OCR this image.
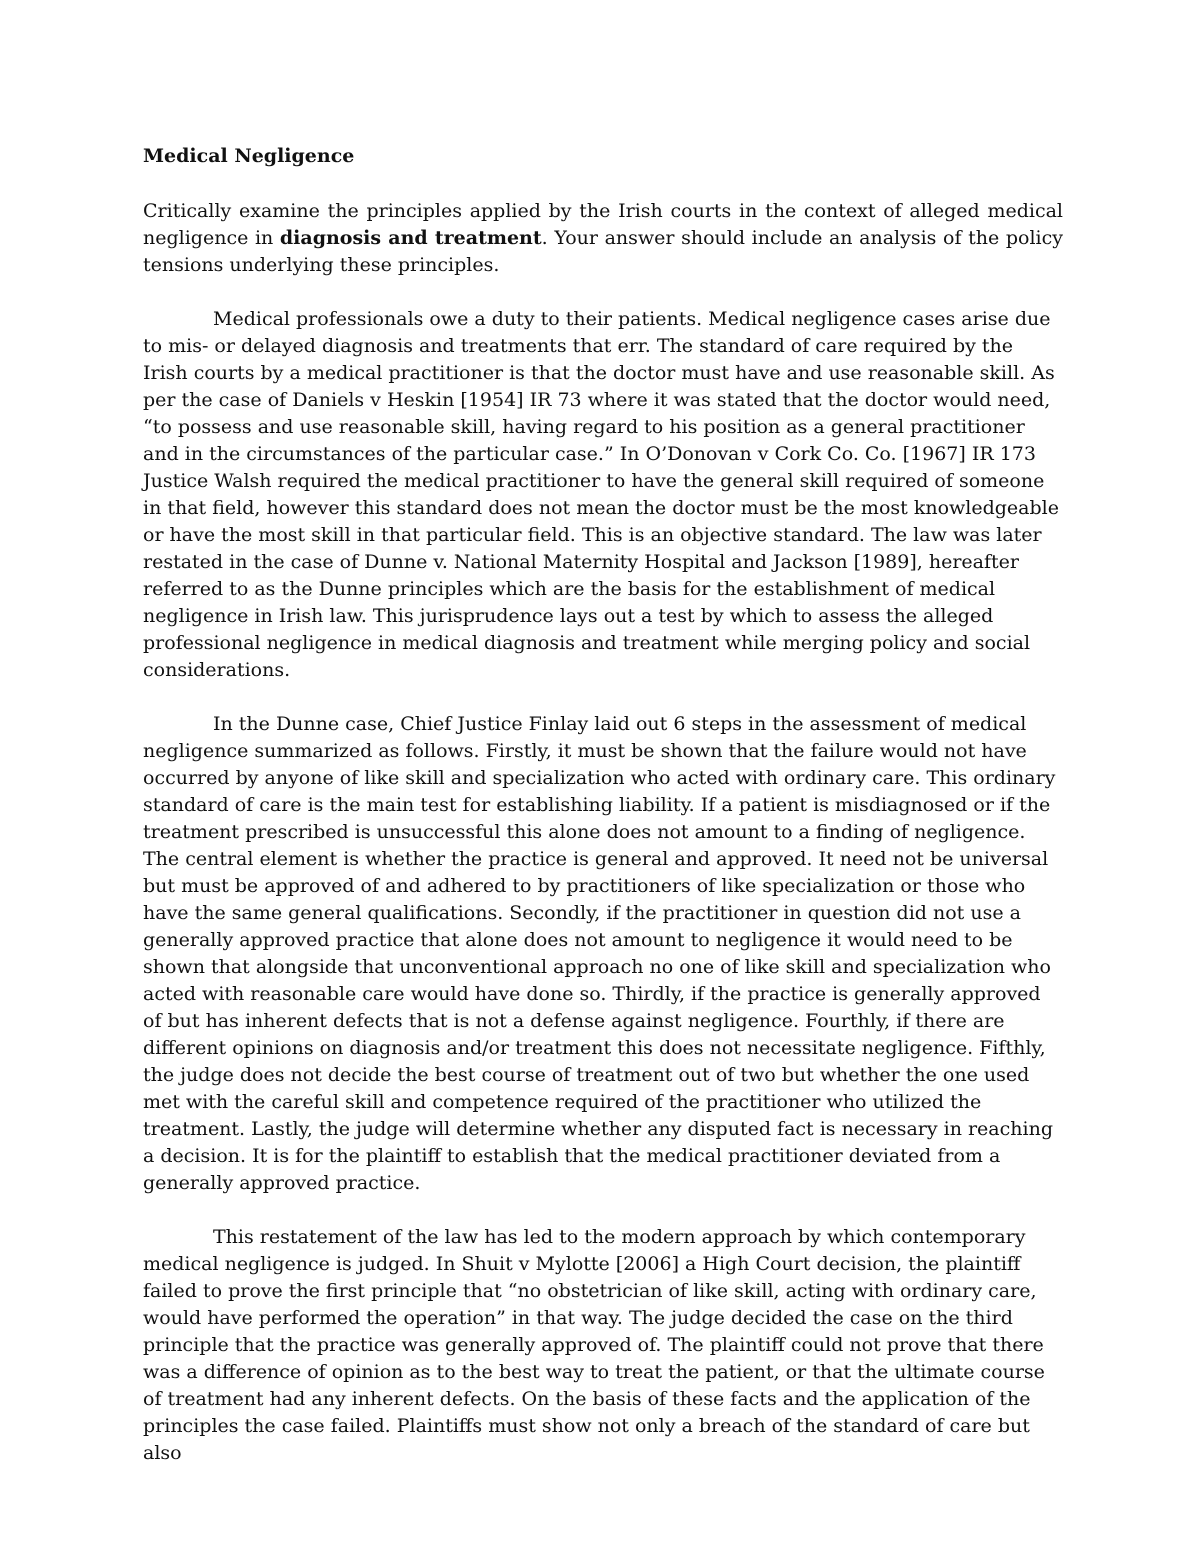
Medical Negligence
Critically examine the principles applied by the Irish courts in the context of alleged medical negligence in diagnosis and treatment. Your answer should include an analysis of the policy tensions underlying these principles.

Medical professionals owe a duty to their patients. Medical negligence cases arise due to mis- or delayed diagnosis and treatments that err. The standard of care required by the Irish courts by a medical practitioner is that the doctor must have and use reasonable skill. As per the case of Daniels v Heskin [1954] IR 73 where it was stated that the doctor would need, “to possess and use reasonable skill, having regard to his position as a general practitioner and in the circumstances of the particular case.” In O’Donovan v Cork Co. Co. [1967] IR 173 Justice Walsh required the medical practitioner to have the general skill required of someone in that field, however this standard does not mean the doctor must be the most knowledgeable or have the most skill in that particular field. This is an objective standard. The law was later restated in the case of Dunne v. National Maternity Hospital and Jackson [1989], hereafter referred to as the Dunne principles which are the basis for the establishment of medical negligence in Irish law. This jurisprudence lays out a test by which to assess the alleged professional negligence in medical diagnosis and treatment while merging policy and social considerations.

In the Dunne case, Chief Justice Finlay laid out 6 steps in the assessment of medical negligence summarized as follows. Firstly, it must be shown that the failure would not have occurred by anyone of like skill and specialization who acted with ordinary care. This ordinary standard of care is the main test for establishing liability. If a patient is misdiagnosed or if the treatment prescribed is unsuccessful this alone does not amount to a finding of negligence. The central element is whether the practice is general and approved. It need not be universal but must be approved of and adhered to by practitioners of like specialization or those who have the same general qualifications. Secondly, if the practitioner in question did not use a generally approved practice that alone does not amount to negligence it would need to be shown that alongside that unconventional approach no one of like skill and specialization who acted with reasonable care would have done so. Thirdly, if the practice is generally approved of but has inherent defects that is not a defense against negligence. Fourthly, if there are different opinions on diagnosis and/or treatment this does not necessitate negligence. Fifthly, the judge does not decide the best course of treatment out of two but whether the one used met with the careful skill and competence required of the practitioner who utilized the treatment. Lastly, the judge will determine whether any disputed fact is necessary in reaching a decision. It is for the plaintiff to establish that the medical practitioner deviated from a generally approved practice.

This restatement of the law has led to the modern approach by which contemporary medical negligence is judged. In Shuit v Mylotte [2006] a High Court decision, the plaintiff failed to prove the first principle that “no obstetrician of like skill, acting with ordinary care, would have performed the operation” in that way. The judge decided the case on the third principle that the practice was generally approved of. The plaintiff could not prove that there was a difference of opinion as to the best way to treat the patient, or that the ultimate course of treatment had any inherent defects. On the basis of these facts and the application of the principles the case failed. Plaintiffs must show not only a breach of the standard of care but also
